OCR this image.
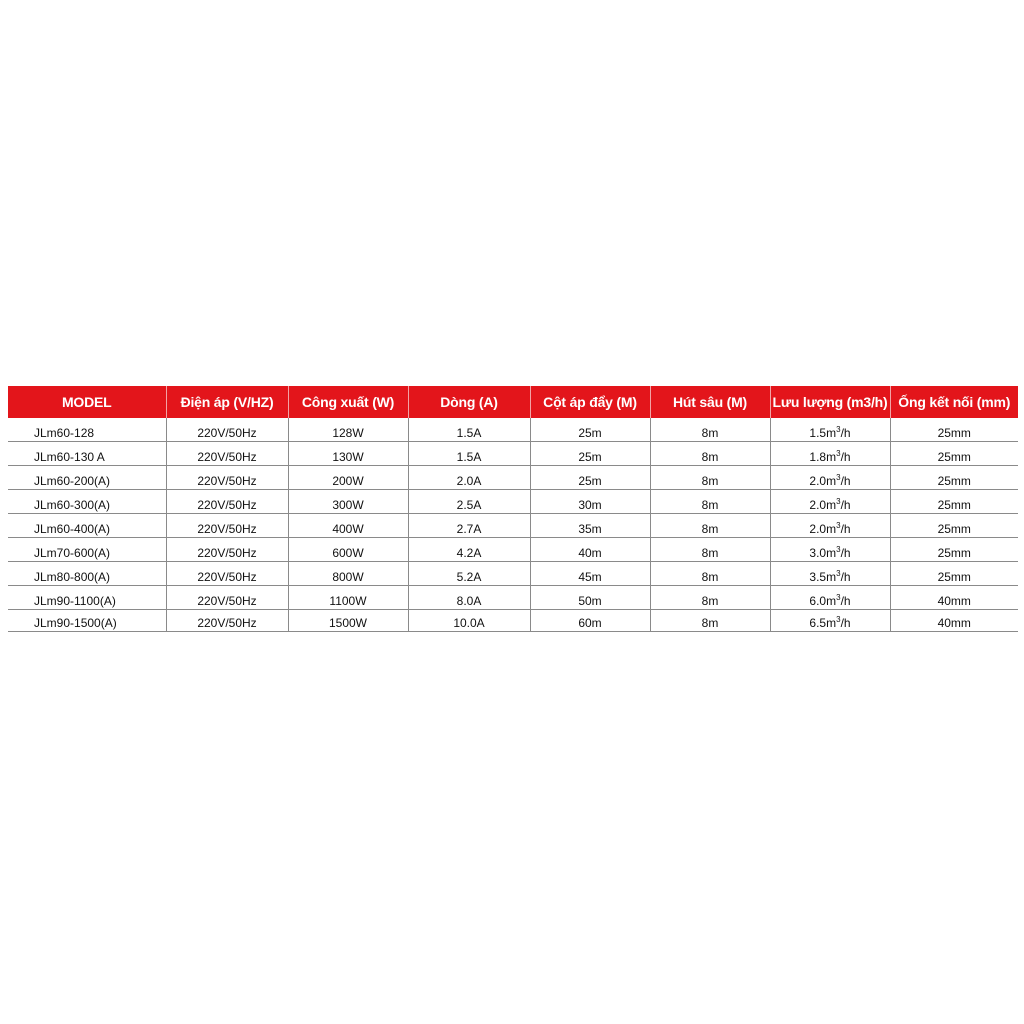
MODEL	Điện áp (V/HZ)	Công xuất (W)	Dòng (A)	Cột áp đẩy (M)	Hút sâu (M)	Lưu lượng (m3/h)	Ống kết nối (mm)
JLm60-128	220V/50Hz	128W	1.5A	25m	8m	$1.5m^3/h$	25mm
JLm60-130 A	220V/50Hz	130W	1.5A	25m	8m	$1.8m^3/h$	25mm
JLm60-200(A)	220V/50Hz	200W	2.0A	25m	8m	$2.0m^3/h$	25mm
JLm60-300(A)	220V/50Hz	300W	2.5A	30m	8m	$2.0m^3/h$	25mm
JLm60-400(A)	220V/50Hz	400W	2.7A	35m	8m	$2.0m^3/h$	25mm
JLm70-600(A)	220V/50Hz	600W	4.2A	40m	8m	$3.0m^3/h$	25mm
JLm80-800(A)	220V/50Hz	800W	5.2A	45m	8m	$3.5m^3/h$	25mm
JLm90-1100(A)	220V/50Hz	1100W	8.0A	50m	8m	$6.0m^3/h$	40mm
JLm90-1500(A)	220V/50Hz	1500W	10.0A	60m	8m	$6.5m^3/h$	40mm
